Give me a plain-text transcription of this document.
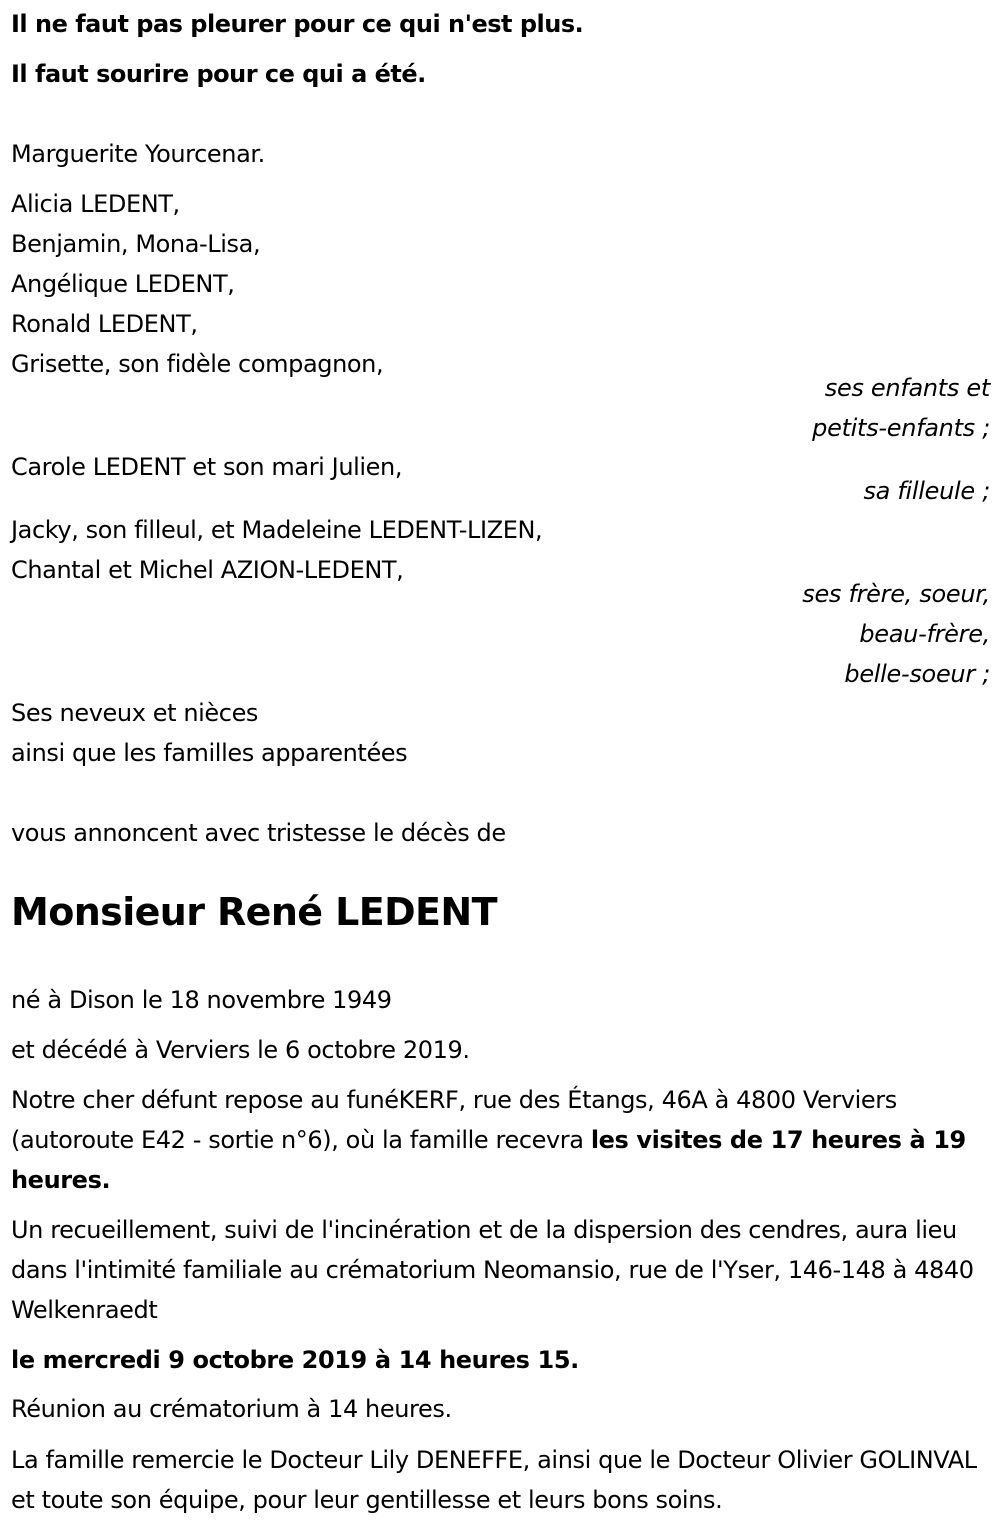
Il ne faut pas pleurer pour ce qui n'est plus.
Il faut sourire pour ce qui a été.
Marguerite Yourcenar.
Alicia LEDENT,
Benjamin, Mona-Lisa,
Angélique LEDENT,
Ronald LEDENT,
Grisette, son fidèle compagnon,
ses enfants et
petits-enfants ;
Carole LEDENT et son mari Julien,
sa filleule ;
Jacky, son filleul, et Madeleine LEDENT-LIZEN,
Chantal et Michel AZION-LEDENT,
ses frère, soeur,
beau-frère,
belle-soeur ;
Ses neveux et nièces
ainsi que les familles apparentées
vous annoncent avec tristesse le décès de
Monsieur René LEDENT
né à Dison le 18 novembre 1949
et décédé à Verviers le 6 octobre 2019.
Notre cher défunt repose au funéKERF, rue des Étangs, 46A à 4800 Verviers (autoroute E42 - sortie n°6), où la famille recevra les visites de 17 heures à 19 heures.
Un recueillement, suivi de l'incinération et de la dispersion des cendres, aura lieu dans l'intimité familiale au crématorium Neomansio, rue de l'Yser, 146-148 à 4840 Welkenraedt
le mercredi 9 octobre 2019 à 14 heures 15.
Réunion au crématorium à 14 heures.
La famille remercie le Docteur Lily DENEFFE, ainsi que le Docteur Olivier GOLINVAL et toute son équipe, pour leur gentillesse et leurs bons soins.
